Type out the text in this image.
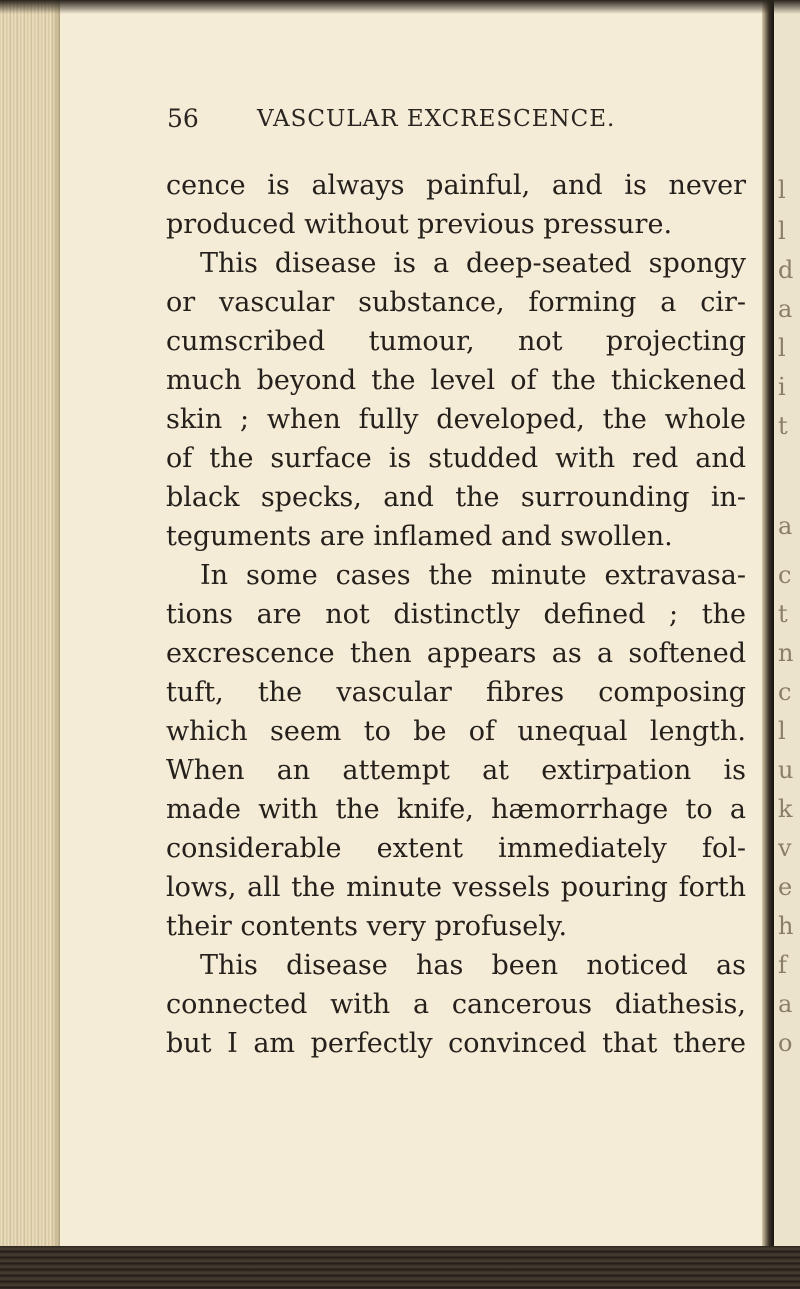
l
l
d
a
l
i
t
a
c
t
n
c
l
u
k
v
e
h
f
a
o
56	VASCULAR EXCRESCENCE.
cence is always painful, and is never
produced without previous pressure.
This disease is a deep-seated spongy
or vascular substance, forming a cir-
cumscribed tumour, not projecting
much beyond the level of the thickened
skin ; when fully developed, the whole
of the surface is studded with red and
black specks, and the surrounding in-
teguments are inflamed and swollen.
In some cases the minute extravasa-
tions are not distinctly defined ; the
excrescence then appears as a softened
tuft, the vascular fibres composing
which seem to be of unequal length.
When an attempt at extirpation is
made with the knife, hæmorrhage to a
considerable extent immediately fol-
lows, all the minute vessels pouring forth
their contents very profusely.
This disease has been noticed as
connected with a cancerous diathesis,
but I am perfectly convinced that there
